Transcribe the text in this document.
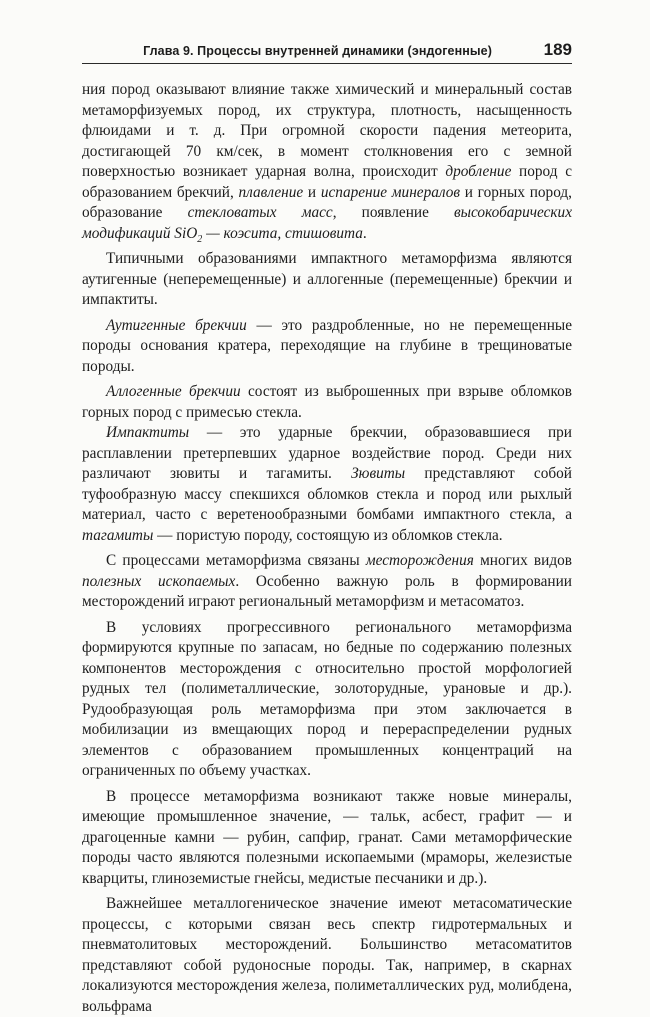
Глава 9. Процессы внутренней динамики (эндогенные)	189

ния пород оказывают влияние также химический и минеральный состав метаморфизуемых пород, их структура, плотность, насыщенность флюидами и т. д. При огромной скорости падения метеорита, достигающей 70 км/сек, в момент столкновения его с земной поверхностью возникает ударная волна, происходит дробление пород с образованием брекчий, плавление и испарение минералов и горных пород, образование стекловатых масс, появление высокобарических модификаций SiO$_2$ — коэсита, стишовита.

Типичными образованиями импактного метаморфизма являются аутигенные (неперемещенные) и аллогенные (перемещенные) брекчии и импактиты.

Аутигенные брекчии — это раздробленные, но не перемещенные породы основания кратера, переходящие на глубине в трещиноватые породы.

Аллогенные брекчии состоят из выброшенных при взрыве обломков горных пород с примесью стекла.

Импактиты — это ударные брекчии, образовавшиеся при расплавлении претерпевших ударное воздействие пород. Среди них различают зювиты и тагамиты. Зювиты представляют собой туфообразную массу спекшихся обломков стекла и пород или рыхлый материал, часто с веретенообразными бомбами импактного стекла, а тагамиты — пористую породу, состоящую из обломков стекла.

С процессами метаморфизма связаны месторождения многих видов полезных ископаемых. Особенно важную роль в формировании месторождений играют региональный метаморфизм и метасоматоз.

В условиях прогрессивного регионального метаморфизма формируются крупные по запасам, но бедные по содержанию полезных компонентов месторождения с относительно простой морфологией рудных тел (полиметаллические, золоторудные, урановые и др.). Рудообразующая роль метаморфизма при этом заключается в мобилизации из вмещающих пород и перераспределении рудных элементов с образованием промышленных концентраций на ограниченных по объему участках.

В процессе метаморфизма возникают также новые минералы, имеющие промышленное значение, — тальк, асбест, графит — и драгоценные камни — рубин, сапфир, гранат. Сами метаморфические породы часто являются полезными ископаемыми (мраморы, железистые кварциты, глиноземистые гнейсы, медистые песчаники и др.).

Важнейшее металлогеническое значение имеют метасоматические процессы, с которыми связан весь спектр гидротермальных и пневматолитовых месторождений. Большинство метасоматитов представляют собой рудоносные породы. Так, например, в скарнах локализуются месторождения железа, полиметаллических руд, молибдена, вольфрама
